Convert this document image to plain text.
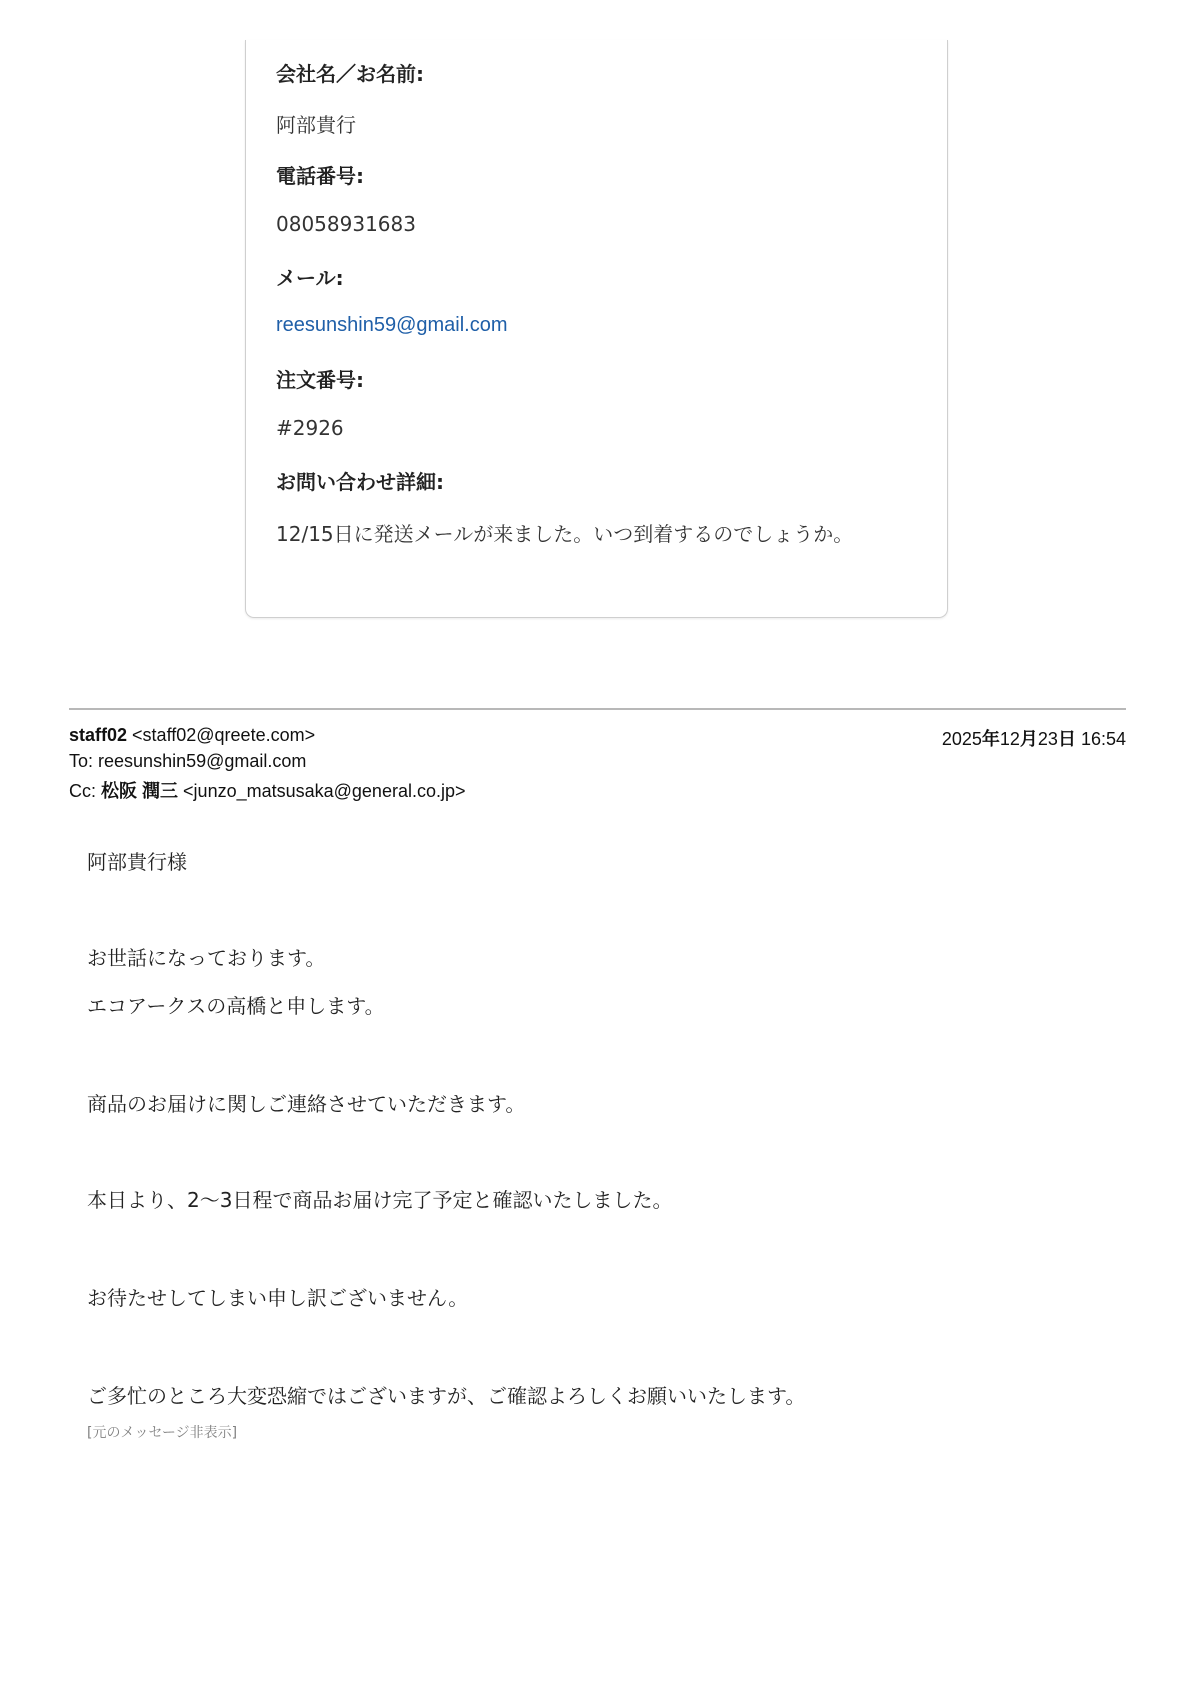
会社名／お名前:
阿部貴行
電話番号:
08058931683
メール:
reesunshin59@gmail.com
注文番号:
#2926
お問い合わせ詳細:
12/15日に発送メールが来ました。いつ到着するのでしょうか。
staff02 <staff02@qreete.com>	2025年12月23日 16:54
To: reesunshin59@gmail.com
Cc: 松阪 潤三 <junzo_matsusaka@general.co.jp>
阿部貴行様
お世話になっております。
エコアークスの高橋と申します。
商品のお届けに関しご連絡させていただきます。
本日より、2〜3日程で商品お届け完了予定と確認いたしました。
お待たせしてしまい申し訳ございません。
ご多忙のところ大変恐縮ではございますが、ご確認よろしくお願いいたします。
[元のメッセージ非表示]
